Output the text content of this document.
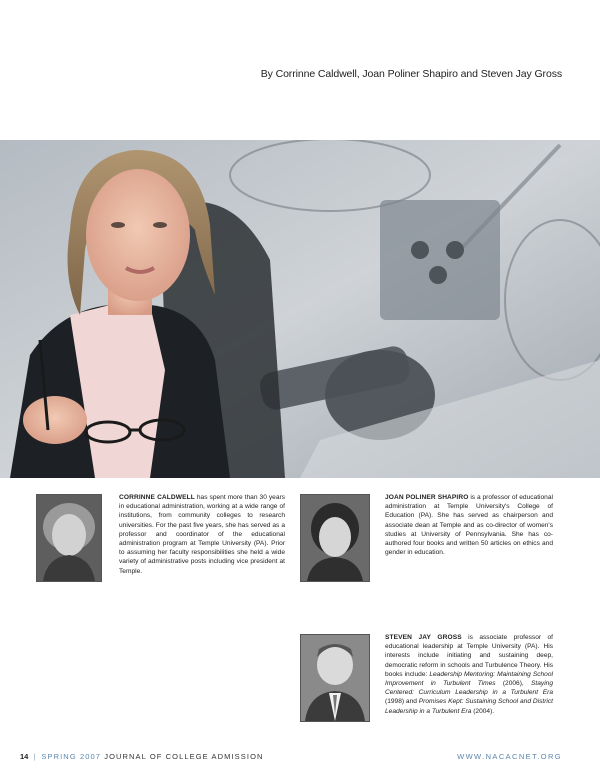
By Corrinne Caldwell, Joan Poliner Shapiro and Steven Jay Gross
CORRINNE CALDWELL has spent more than 30 years in educational administration, working at a wide range of institutions, from community colleges to research universities. For the past five years, she has served as a professor and coordinator of the educational administration program at Temple University (PA). Prior to assuming her faculty responsibilities she held a wide variety of administrative posts including vice president at Temple.
JOAN POLINER SHAPIRO is a professor of educational administration at Temple University's College of Education (PA). She has served as chairperson and associate dean at Temple and as co-director of women's studies at University of Pennsylvania. She has co-authored four books and written 50 articles on ethics and gender in education.
STEVEN JAY GROSS is associate professor of educational leadership at Temple University (PA). His interests include initiating and sustaining deep, democratic reform in schools and Turbulence Theory. His books include: Leadership Mentoring: Maintaining School Improvement in Turbulent Times (2006), Staying Centered: Curriculum Leadership in a Turbulent Era (1998) and Promises Kept: Sustaining School and District Leadership in a Turbulent Era (2004).
14 | SPRING 2007 JOURNAL OF COLLEGE ADMISSION	WWW.NACACNET.ORG
